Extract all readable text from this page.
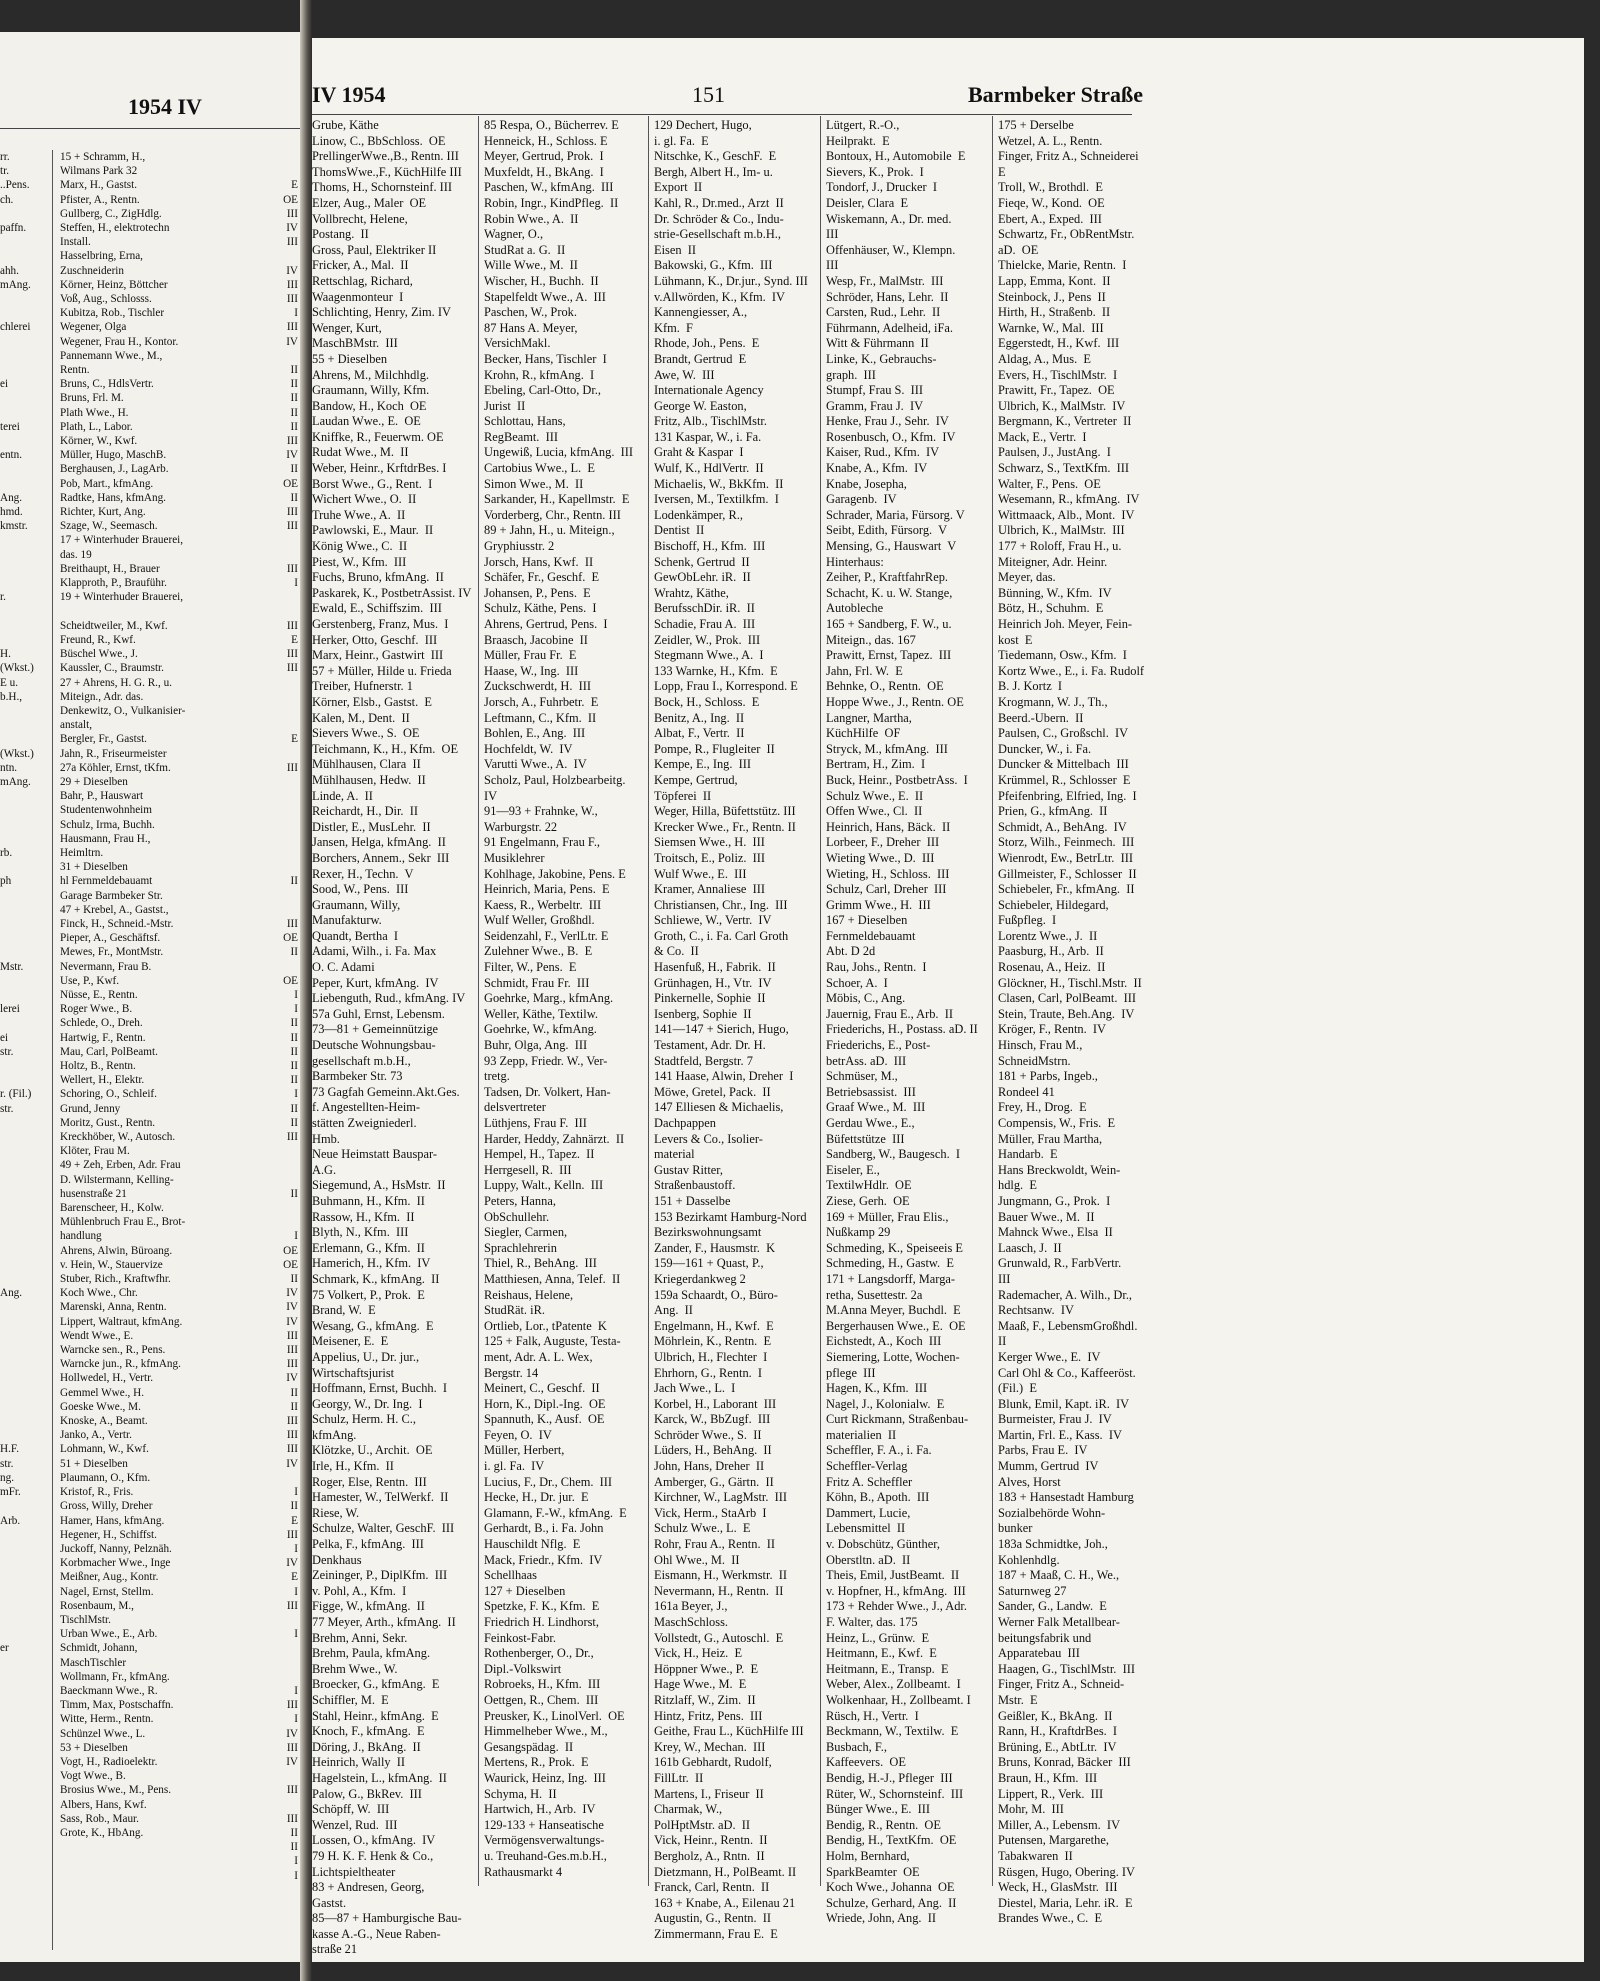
1954 IV
rr.
tr.
..Pens.
ch.

paffn.

ahh.
mAng.

chlerei

ei

terei

entn.

Ang.
hmd.
kmstr.

r.

H.
(Wkst.)
E u.
b.H.,

(Wkst.)
ntn.
mAng.

rb.

ph

Mstr.

lerei

ei
str.

r. (Fil.)
str.

Ang.

H.F.
str.
ng.
mFr.

Arb.

er

15 + Schramm, H.,
Wilmans Park 32
Marx, H., Gastst.
Pfister, A., Rentn.
Gullberg, C., ZigHdlg.
Steffen, H., elektrotechn
Install.
Hasselbring, Erna,
Zuschneiderin
Körner, Heinz, Böttcher
Voß, Aug., Schlosss.
Kubitza, Rob., Tischler
Wegener, Olga
Wegener, Frau H., Kontor.
Pannemann Wwe., M.,
Rentn.
Bruns, C., HdlsVertr.
Bruns, Frl. M.
Plath Wwe., H.
Plath, L., Labor.
Körner, W., Kwf.
Müller, Hugo, MaschB.
Berghausen, J., LagArb.
Pob, Mart., kfmAng.
Radtke, Hans, kfmAng.
Richter, Kurt, Ang.
Szage, W., Seemasch.
17 + Winterhuder Brauerei,
das. 19
Breithaupt, H., Brauer
Klapproth, P., Brauführ.
19 + Winterhuder Brauerei,

Scheidtweiler, M., Kwf.
Freund, R., Kwf.
Büschel Wwe., J.
Kaussler, C., Braumstr.
27 + Ahrens, H. G. R., u.
Miteign., Adr. das.
Denkewitz, O., Vulkanisier-
anstalt,
Bergler, Fr., Gastst.
Jahn, R., Friseurmeister
27a Köhler, Ernst, tKfm.
29 + Dieselben
Bahr, P., Hauswart
Studentenwohnheim
Schulz, Irma, Buchh.
Hausmann, Frau H.,
Heimltrn.
31 + Dieselben
hl Fernmeldebauamt
Garage Barmbeker Str.
47 + Krebel, A., Gastst.,
Finck, H., Schneid.-Mstr.
Pieper, A., Geschäftsf.
Mewes, Fr., MontMstr.
Nevermann, Frau B.
Use, P., Kwf.
Nüsse, E., Rentn.
Roger Wwe., B.
Schlede, O., Dreh.
Hartwig, F., Rentn.
Mau, Carl, PolBeamt.
Holtz, B., Rentn.
Wellert, H., Elektr.
Schoring, O., Schleif.
Grund, Jenny
Moritz, Gust., Rentn.
Kreckhöber, W., Autosch.
Klöter, Frau M.
49 + Zeh, Erben, Adr. Frau
D. Wilstermann, Kelling-
husenstraße 21
Barenscheer, H., Kolw.
Mühlenbruch Frau E., Brot-
handlung
Ahrens, Alwin, Büroang.
v. Hein, W., Stauervize
Stuber, Rich., Kraftwfhr.
Koch Wwe., Chr.
Marenski, Anna, Rentn.
Lippert, Waltraut, kfmAng.
Wendt Wwe., E.
Warncke sen., R., Pens.
Warncke jun., R., kfmAng.
Hollwedel, H., Vertr.
Gemmel Wwe., H.
Goeske Wwe., M.
Knoske, A., Beamt.
Janko, A., Vertr.
Lohmann, W., Kwf.
51 + Dieselben
Plaumann, O., Kfm.
Kristof, R., Fris.
Gross, Willy, Dreher
Hamer, Hans, kfmAng.
Hegener, H., Schiffst.
Juckoff, Nanny, Pelznäh.
Korbmacher Wwe., Inge
Meißner, Aug., Kontr.
Nagel, Ernst, Stellm.
Rosenbaum, M.,
TischlMstr.
Urban Wwe., E., Arb.
Schmidt, Johann,
MaschTischler
Wollmann, Fr., kfmAng.
Baeckmann Wwe., R.
Timm, Max, Postschaffn.
Witte, Herm., Rentn.
Schünzel Wwe., L.
53 + Dieselben
Vogt, H., Radioelektr.
Vogt Wwe., B.
Brosius Wwe., M., Pens.
Albers, Hans, Kwf.
Sass, Rob., Maur.
Grote, K., HbAng.

E
OE
III
IV
III

IV
III
III
I
III
IV

II
II
II
II
II
III
IV
II
OE
II
III
III

III
I

III
E
III
III

E

III

II

III
OE
II

OE
I
I
II
II
II
II
II
I
II
II
III

II

I
OE
OE
II
IV
IV
IV
III
III
III
IV
II
II
III
III
III
IV

I
II
E
III
I
IV
E
I
III

I

I
III
I
IV
III
IV

III

III
II
II
I
I
IV 1954	151	Barmbeker Straße
Grube, Käthe
Linow, C., BbSchloss.  OE
PrellingerWwe.,B., Rentn. III
ThomsWwe.,F., KüchHilfe III
Thoms, H., Schornsteinf. III
Elzer, Aug., Maler  OE
Vollbrecht, Helene,
Postang.  II
Gross, Paul, Elektriker II
Fricker, A., Mal.  II
Rettschlag, Richard,
Waagenmonteur  I
Schlichting, Henry, Zim. IV
Wenger, Kurt,
MaschBMstr.  III
55 + Dieselben
Ahrens, M., Milchhdlg.
Graumann, Willy, Kfm.
Bandow, H., Koch  OE
Laudan Wwe., E.  OE
Kniffke, R., Feuerwm. OE
Rudat Wwe., M.  II
Weber, Heinr., KrftdrBes. I
Borst Wwe., G., Rent.  I
Wichert Wwe., O.  II
Truhe Wwe., A.  II
Pawlowski, E., Maur.  II
König Wwe., C.  II
Piest, W., Kfm.  III
Fuchs, Bruno, kfmAng.  II
Paskarek, K., PostbetrAssist. IV
Ewald, E., Schiffszim.  III
Gerstenberg, Franz, Mus.  I
Herker, Otto, Geschf.  III
Marx, Heinr., Gastwirt  III
57 + Müller, Hilde u. Frieda
Treiber, Hufnerstr. 1
Körner, Elsb., Gastst.  E
Kalen, M., Dent.  II
Sievers Wwe., S.  OE
Teichmann, K., H., Kfm.  OE
Mühlhausen, Clara  II
Mühlhausen, Hedw.  II
Linde, A.  II
Reichardt, H., Dir.  II
Distler, E., MusLehr.  II
Jansen, Helga, kfmAng.  II
Borchers, Annem., Sekr  III
Rexer, H., Techn.  V
Sood, W., Pens.  III
Graumann, Willy,
Manufakturw.
Quandt, Bertha  I
Adami, Wilh., i. Fa. Max
O. C. Adami
Peper, Kurt, kfmAng.  IV
Liebenguth, Rud., kfmAng. IV
57a Guhl, Ernst, Lebensm.
73—81 + Gemeinnützige
Deutsche Wohnungsbau-
gesellschaft m.b.H.,
Barmbeker Str. 73
73 Gagfah Gemeinn.Akt.Ges.
f. Angestellten-Heim-
stätten Zweigniederl.
Hmb.
Neue Heimstatt Bauspar-
A.G.
Siegemund, A., HsMstr.  II
Buhmann, H., Kfm.  II
Rassow, H., Kfm.  II
Blyth, N., Kfm.  III
Erlemann, G., Kfm.  II
Hamerich, H., Kfm.  IV
Schmark, K., kfmAng.  II
75 Volkert, P., Prok.  E
Brand, W.  E
Wesang, G., kfmAng.  E
Meisener, E.  E
Appelius, U., Dr. jur.,
Wirtschaftsjurist
Hoffmann, Ernst, Buchh.  I
Georgy, W., Dr. Ing.  I
Schulz, Herm. H. C.,
kfmAng.
Klötzke, U., Archit.  OE
Irle, H., Kfm.  II
Roger, Else, Rentn.  III
Hamester, W., TelWerkf.  II
Riese, W.
Schulze, Walter, GeschF.  III
Pelka, F., kfmAng.  III
Denkhaus
Zeininger, P., DiplKfm.  III
v. Pohl, A., Kfm.  I
Figge, W., kfmAng.  II
77 Meyer, Arth., kfmAng.  II
Brehm, Anni, Sekr.
Brehm, Paula, kfmAng.
Brehm Wwe., W.
Broecker, G., kfmAng.  E
Schiffler, M.  E
Stahl, Heinr., kfmAng.  E
Knoch, F., kfmAng.  E
Döring, J., BkAng.  II
Heinrich, Wally  II
Hagelstein, L., kfmAng.  II
Palow, G., BkRev.  III
Schöpff, W.  III
Wenzel, Rud.  III
Lossen, O., kfmAng.  IV
79 H. K. F. Henk & Co.,
Lichtspieltheater
83 + Andresen, Georg,
Gastst.
85—87 + Hamburgische Bau-
kasse A.-G., Neue Raben-
straße 21
85 Respa, O., Bücherrev. E
Henneick, H., Schloss. E
Meyer, Gertrud, Prok.  I
Muxfeldt, H., BkAng.  I
Paschen, W., kfmAng.  III
Robin, Ingr., KindPfleg.  II
Robin Wwe., A.  II
Wagner, O.,
StudRat a. G.  II
Wille Wwe., M.  II
Wischer, H., Buchh.  II
Stapelfeldt Wwe., A.  III
Paschen, W., Prok.
87 Hans A. Meyer,
VersichMakl.
Becker, Hans, Tischler  I
Krohn, R., kfmAng.  I
Ebeling, Carl-Otto, Dr.,
Jurist  II
Schlottau, Hans,
RegBeamt.  III
Ungewiß, Lucia, kfmAng.  III
Cartobius Wwe., L.  E
Simon Wwe., M.  II
Sarkander, H., Kapellmstr.  E
Vorderberg, Chr., Rentn. III
89 + Jahn, H., u. Miteign.,
Gryphiusstr. 2
Jorsch, Hans, Kwf.  II
Schäfer, Fr., Geschf.  E
Johansen, P., Pens.  E
Schulz, Käthe, Pens.  I
Ahrens, Gertrud, Pens.  I
Braasch, Jacobine  II
Müller, Frau Fr.  E
Haase, W., Ing.  III
Zuckschwerdt, H.  III
Jorsch, A., Fuhrbetr.  E
Leftmann, C., Kfm.  II
Bohlen, E., Ang.  III
Hochfeldt, W.  IV
Varutti Wwe., A.  IV
Scholz, Paul, Holzbearbeitg.
IV
91—93 + Frahnke, W.,
Warburgstr. 22
91 Engelmann, Frau F.,
Musiklehrer
Kohlhage, Jakobine, Pens. E
Heinrich, Maria, Pens.  E
Kaess, R., Werbeltr.  III
Wulf Weller, Großhdl.
Seidenzahl, F., VerlLtr. E
Zulehner Wwe., B.  E
Filter, W., Pens.  E
Schmidt, Frau Fr.  III
Goehrke, Marg., kfmAng.
Weller, Käthe, Textilw.
Goehrke, W., kfmAng.
Buhr, Olga, Ang.  III
93 Zepp, Friedr. W., Ver-
tretg.
Tadsen, Dr. Volkert, Han-
delsvertreter
Lüthjens, Frau F.  III
Harder, Heddy, Zahnärzt.  II
Hempel, H., Tapez.  II
Herrgesell, R.  III
Luppy, Walt., Kelln.  III
Peters, Hanna,
ObSchullehr.
Siegler, Carmen,
Sprachlehrerin
Thiel, R., BehAng.  III
Matthiesen, Anna, Telef.  II
Reishaus, Helene,
StudRät. iR.
Ortlieb, Lor., tPatente  K
125 + Falk, Auguste, Testa-
ment, Adr. A. L. Wex,
Bergstr. 14
Meinert, C., Geschf.  II
Horn, K., Dipl.-Ing.  OE
Spannuth, K., Ausf.  OE
Feyen, O.  IV
Müller, Herbert,
i. gl. Fa.  IV
Lucius, F., Dr., Chem.  III
Hecke, H., Dr. jur.  E
Glamann, F.-W., kfmAng.  E
Gerhardt, B., i. Fa. John
Hauschildt Nflg.  E
Mack, Friedr., Kfm.  IV
Schellhaas
127 + Dieselben
Spetzke, F. K., Kfm.  E
Friedrich H. Lindhorst,
Feinkost-Fabr.
Rothenberger, O., Dr.,
Dipl.-Volkswirt
Robroeks, H., Kfm.  III
Oettgen, R., Chem.  III
Preusker, K., LinolVerl.  OE
Himmelheber Wwe., M.,
Gesangspädag.  II
Mertens, R., Prok.  E
Waurick, Heinz, Ing.  III
Schyma, H.  II
Hartwich, H., Arb.  IV
129-133 + Hanseatische
Vermögensverwaltungs-
u. Treuhand-Ges.m.b.H.,
Rathausmarkt 4
129 Dechert, Hugo,
i. gl. Fa.  E
Nitschke, K., GeschF.  E
Bergh, Albert H., Im- u.
Export  II
Kahl, R., Dr.med., Arzt  II
Dr. Schröder & Co., Indu-
strie-Gesellschaft m.b.H.,
Eisen  II
Bakowski, G., Kfm.  III
Lühmann, K., Dr.jur., Synd. III
v.Allwörden, K., Kfm.  IV
Kannengiesser, A.,
Kfm.  F
Rhode, Joh., Pens.  E
Brandt, Gertrud  E
Awe, W.  III
Internationale Agency
George W. Easton,
Fritz, Alb., TischlMstr.
131 Kaspar, W., i. Fa.
Graht & Kaspar  I
Wulf, K., HdlVertr.  II
Michaelis, W., BkKfm.  II
Iversen, M., Textilkfm.  I
Lodenkämper, R.,
Dentist  II
Bischoff, H., Kfm.  III
Schenk, Gertrud  II
GewObLehr. iR.  II
Wrahtz, Käthe,
BerufsschDir. iR.  II
Schadie, Frau A.  III
Zeidler, W., Prok.  III
Stegmann Wwe., A.  I
133 Warnke, H., Kfm.  E
Lopp, Frau I., Korrespond. E
Bock, H., Schloss.  E
Benitz, A., Ing.  II
Albat, F., Vertr.  II
Pompe, R., Flugleiter  II
Kempe, E., Ing.  III
Kempe, Gertrud,
Töpferei  II
Weger, Hilla, Büfettstütz. III
Krecker Wwe., Fr., Rentn. II
Siemsen Wwe., H.  III
Troitsch, E., Poliz.  III
Wulf Wwe., E.  III
Kramer, Annaliese  III
Christiansen, Chr., Ing.  III
Schliewe, W., Vertr.  IV
Groth, C., i. Fa. Carl Groth
& Co.  II
Hasenfuß, H., Fabrik.  II
Grünhagen, H., Vtr.  IV
Pinkernelle, Sophie  II
Isenberg, Sophie  II
141—147 + Sierich, Hugo,
Testament, Adr. Dr. H.
Stadtfeld, Bergstr. 7
141 Haase, Alwin, Dreher  I
Möwe, Gretel, Pack.  II
147 Elliesen & Michaelis,
Dachpappen
Levers & Co., Isolier-
material
Gustav Ritter,
Straßenbaustoff.
151 + Dasselbe
153 Bezirkamt Hamburg-Nord
Bezirkswohnungsamt
Zander, F., Hausmstr.  K
159—161 + Quast, P.,
Kriegerdankweg 2
159a Schaardt, O., Büro-
Ang.  II
Engelmann, H., Kwf.  E
Möhrlein, K., Rentn.  E
Ulbrich, H., Flechter  I
Ehrhorn, G., Rentn.  I
Jach Wwe., L.  I
Korbel, H., Laborant  III
Karck, W., BbZugf.  III
Schröder Wwe., S.  II
Lüders, H., BehAng.  II
John, Hans, Dreher  II
Amberger, G., Gärtn.  II
Kirchner, W., LagMstr.  III
Vick, Herm., StaArb  I
Schulz Wwe., L.  E
Rohr, Frau A., Rentn.  II
Ohl Wwe., M.  II
Eismann, H., Werkmstr.  II
Nevermann, H., Rentn.  II
161a Beyer, J.,
MaschSchloss.
Vollstedt, G., Autoschl.  E
Vick, H., Heiz.  E
Höppner Wwe., P.  E
Hage Wwe., M.  E
Ritzlaff, W., Zim.  II
Hintz, Fritz, Pens.  III
Geithe, Frau L., KüchHilfe III
Krey, W., Mechan.  III
161b Gebhardt, Rudolf,
FillLtr.  II
Martens, I., Friseur  II
Charmak, W.,
PolHptMstr. aD.  II
Vick, Heinr., Rentn.  II
Bergholz, A., Rntn.  II
Dietzmann, H., PolBeamt. II
Franck, Carl, Rentn.  II
163 + Knabe, A., Eilenau 21
Augustin, G., Rentn.  II
Zimmermann, Frau E.  E
Lütgert, R.-O.,
Heilprakt.  E
Bontoux, H., Automobile  E
Sievers, K., Prok.  I
Tondorf, J., Drucker  I
Deisler, Clara  E
Wiskemann, A., Dr. med.
III
Offenhäuser, W., Klempn.
III
Wesp, Fr., MalMstr.  III
Schröder, Hans, Lehr.  II
Carsten, Rud., Lehr.  II
Führmann, Adelheid, iFa.
Witt & Führmann  II
Linke, K., Gebrauchs-
graph.  III
Stumpf, Frau S.  III
Gramm, Frau J.  IV
Henke, Frau J., Sehr.  IV
Rosenbusch, O., Kfm.  IV
Kaiser, Rud., Kfm.  IV
Knabe, A., Kfm.  IV
Knabe, Josepha,
Garagenb.  IV
Schrader, Maria, Fürsorg. V
Seibt, Edith, Fürsorg.  V
Mensing, G., Hauswart  V
Hinterhaus:
Zeiher, P., KraftfahrRep.
Schacht, K. u. W. Stange,
Autobleche
165 + Sandberg, F. W., u.
Miteign., das. 167
Prawitt, Ernst, Tapez.  III
Jahn, Frl. W.  E
Behnke, O., Rentn.  OE
Hoppe Wwe., J., Rentn. OE
Langner, Martha,
KüchHilfe  OF
Stryck, M., kfmAng.  III
Bertram, H., Zim.  I
Buck, Heinr., PostbetrAss.  I
Schulz Wwe., E.  II
Offen Wwe., Cl.  II
Heinrich, Hans, Bäck.  II
Lorbeer, F., Dreher  III
Wieting Wwe., D.  III
Wieting, H., Schloss.  III
Schulz, Carl, Dreher  III
Grimm Wwe., H.  III
167 + Dieselben
Fernmeldebauamt
Abt. D 2d
Rau, Johs., Rentn.  I
Schoer, A.  I
Möbis, C., Ang.
Jauernig, Frau E., Arb.  II
Friederichs, H., Postass. aD. II
Friederichs, E., Post-
betrAss. aD.  III
Schmüser, M.,
Betriebsassist.  III
Graaf Wwe., M.  III
Gerdau Wwe., E.,
Büfettstütze  III
Sandberg, W., Baugesch.  I
Eiseler, E.,
TextilwHdlr.  OE
Ziese, Gerh.  OE
169 + Müller, Frau Elis.,
Nußkamp 29
Schmeding, K., Speiseeis E
Schmeding, H., Gastw.  E
171 + Langsdorff, Marga-
retha, Susettestr. 2a
M.Anna Meyer, Buchdl.  E
Bergerhausen Wwe., E.  OE
Eichstedt, A., Koch  III
Siemering, Lotte, Wochen-
pflege  III
Hagen, K., Kfm.  III
Nagel, J., Kolonialw.  E
Curt Rickmann, Straßenbau-
materialien  II
Scheffler, F. A., i. Fa.
Scheffler-Verlag
Fritz A. Scheffler
Köhn, B., Apoth.  III
Dammert, Lucie,
Lebensmittel  II
v. Dobschütz, Günther,
Oberstltn. aD.  II
Theis, Emil, JustBeamt.  II
v. Hopfner, H., kfmAng.  III
173 + Rehder Wwe., J., Adr.
F. Walter, das. 175
Heinz, L., Grünw.  E
Heitmann, E., Kwf.  E
Heitmann, E., Transp.  E
Weber, Alex., Zollbeamt.  I
Wolkenhaar, H., Zollbeamt. I
Rüsch, H., Vertr.  I
Beckmann, W., Textilw.  E
Busbach, F.,
Kaffeevers.  OE
Bendig, H.-J., Pfleger  III
Rüter, W., Schornsteinf.  III
Bünger Wwe., E.  III
Bendig, R., Rentn.  OE
Bendig, H., TextKfm.  OE
Holm, Bernhard,
SparkBeamter  OE
Koch Wwe., Johanna  OE
Schulze, Gerhard, Ang.  II
Wriede, John, Ang.  II
175 + Derselbe
Wetzel, A. L., Rentn.
Finger, Fritz A., Schneiderei
E
Troll, W., Brothdl.  E
Fieqe, W., Kond.  OE
Ebert, A., Exped.  III
Schwartz, Fr., ObRentMstr.
aD.  OE
Thielcke, Marie, Rentn.  I
Lapp, Emma, Kont.  II
Steinbock, J., Pens  II
Hirth, H., Straßenb.  II
Warnke, W., Mal.  III
Eggerstedt, H., Kwf.  III
Aldag, A., Mus.  E
Evers, H., TischlMstr.  I
Prawitt, Fr., Tapez.  OE
Ulbrich, K., MalMstr.  IV
Bergmann, K., Vertreter  II
Mack, E., Vertr.  I
Paulsen, J., JustAng.  I
Schwarz, S., TextKfm.  III
Walter, F., Pens.  OE
Wesemann, R., kfmAng.  IV
Wittmaack, Alb., Mont.  IV
Ulbrich, K., MalMstr.  III
177 + Roloff, Frau H., u.
Miteigner, Adr. Heinr.
Meyer, das.
Bünning, W., Kfm.  IV
Bötz, H., Schuhm.  E
Heinrich Joh. Meyer, Fein-
kost  E
Tiedemann, Osw., Kfm.  I
Kortz Wwe., E., i. Fa. Rudolf
B. J. Kortz  I
Krogmann, W. J., Th.,
Beerd.-Ubern.  II
Paulsen, C., Großschl.  IV
Duncker, W., i. Fa.
Duncker & Mittelbach  III
Krümmel, R., Schlosser  E
Pfeifenbring, Elfried, Ing.  I
Prien, G., kfmAng.  II
Schmidt, A., BehAng.  IV
Storz, Wilh., Feinmech.  III
Wienrodt, Ew., BetrLtr.  III
Gillmeister, F., Schlosser  II
Schiebeler, Fr., kfmAng.  II
Schiebeler, Hildegard,
Fußpfleg.  I
Lorentz Wwe., J.  II
Paasburg, H., Arb.  II
Rosenau, A., Heiz.  II
Glöckner, H., Tischl.Mstr.  II
Clasen, Carl, PolBeamt.  III
Stein, Traute, Beh.Ang.  IV
Kröger, F., Rentn.  IV
Hinsch, Frau M.,
SchneidMstrn.
181 + Parbs, Ingeb.,
Rondeel 41
Frey, H., Drog.  E
Compensis, W., Fris.  E
Müller, Frau Martha,
Handarb.  E
Hans Breckwoldt, Wein-
hdlg.  E
Jungmann, G., Prok.  I
Bauer Wwe., M.  II
Mahnck Wwe., Elsa  II
Laasch, J.  II
Grunwald, R., FarbVertr.
III
Rademacher, A. Wilh., Dr.,
Rechtsanw.  IV
Maaß, F., LebensmGroßhdl.
II
Kerger Wwe., E.  IV
Carl Ohl & Co., Kaffeeröst.
(Fil.)  E
Blunk, Emil, Kapt. iR.  IV
Burmeister, Frau J.  IV
Martin, Frl. E., Kass.  IV
Parbs, Frau E.  IV
Mumm, Gertrud  IV
Alves, Horst
183 + Hansestadt Hamburg
Sozialbehörde Wohn-
bunker
183a Schmidtke, Joh.,
Kohlenhdlg.
187 + Maaß, C. H., We.,
Saturnweg 27
Sander, G., Landw.  E
Werner Falk Metallbear-
beitungsfabrik und
Apparatebau  III
Haagen, G., TischlMstr.  III
Finger, Fritz A., Schneid-
Mstr.  E
Geißler, K., BkAng.  II
Rann, H., KraftdrBes.  I
Brüning, E., AbtLtr.  IV
Bruns, Konrad, Bäcker  III
Braun, H., Kfm.  III
Lippert, R., Verk.  III
Mohr, M.  III
Miller, A., Lebensm.  IV
Putensen, Margarethe,
Tabakwaren  II
Rüsgen, Hugo, Obering. IV
Weck, H., GlasMstr.  III
Diestel, Maria, Lehr. iR.  E
Brandes Wwe., C.  E
